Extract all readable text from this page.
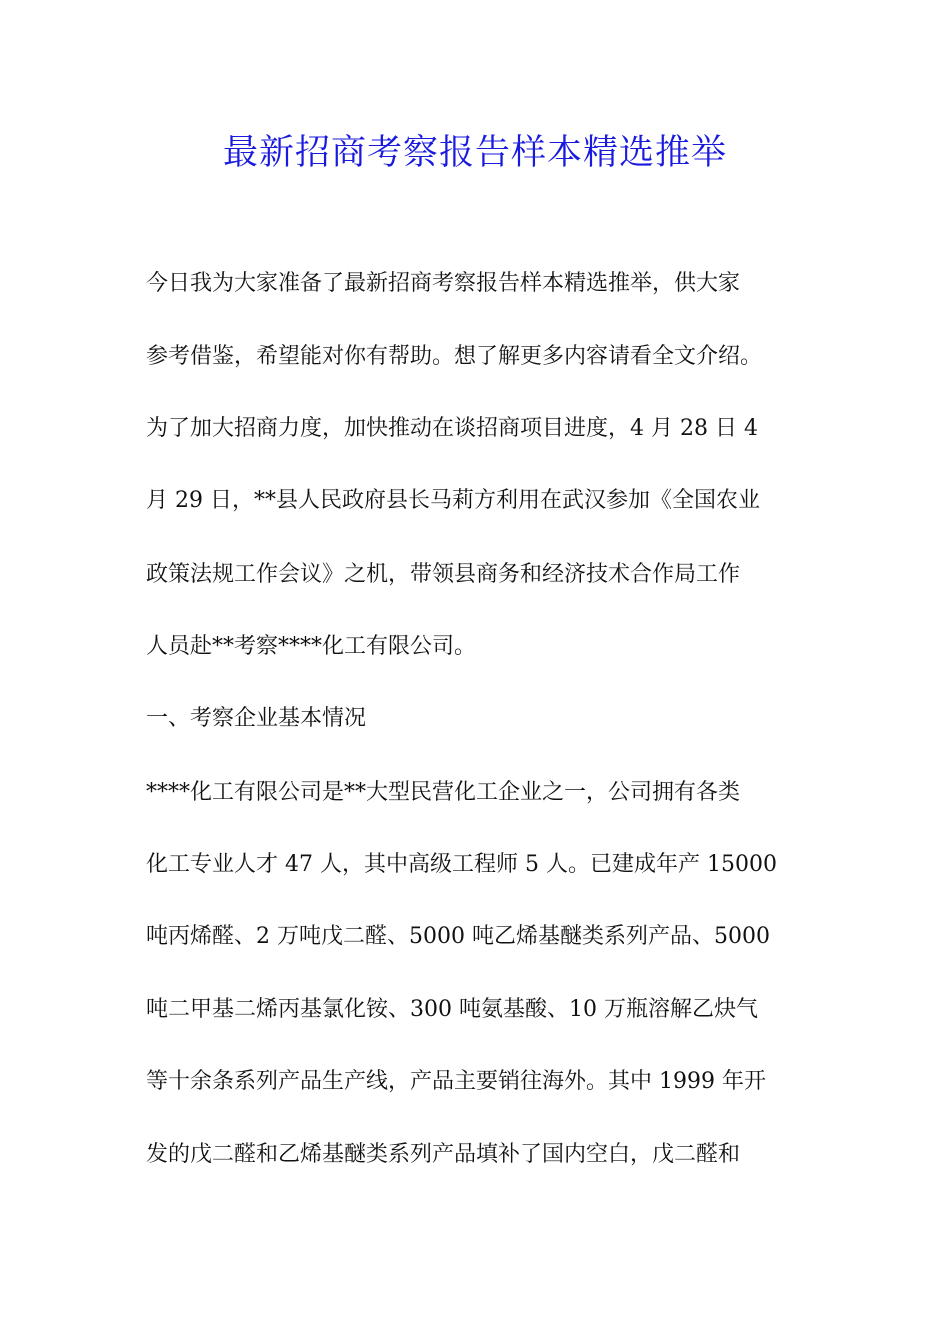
最新招商考察报告样本精选推举

今日我为大家准备了最新招商考察报告样本精选推举，供大家

参考借鉴，希望能对你有帮助。想了解更多内容请看全文介绍。

为了加大招商力度，加快推动在谈招商项目进度，4 月 28 日 4

月 29 日，**县人民政府县长马莉方利用在武汉参加《全国农业

政策法规工作会议》之机，带领县商务和经济技术合作局工作

人员赴**考察****化工有限公司。

一、考察企业基本情况

****化工有限公司是**大型民营化工企业之一，公司拥有各类

化工专业人才 47 人，其中高级工程师 5 人。已建成年产 15000

吨丙烯醛、2 万吨戊二醛、5000 吨乙烯基醚类系列产品、5000

吨二甲基二烯丙基氯化铵、300 吨氨基酸、10 万瓶溶解乙炔气

等十余条系列产品生产线，产品主要销往海外。其中 1999 年开

发的戊二醛和乙烯基醚类系列产品填补了国内空白，戊二醛和
